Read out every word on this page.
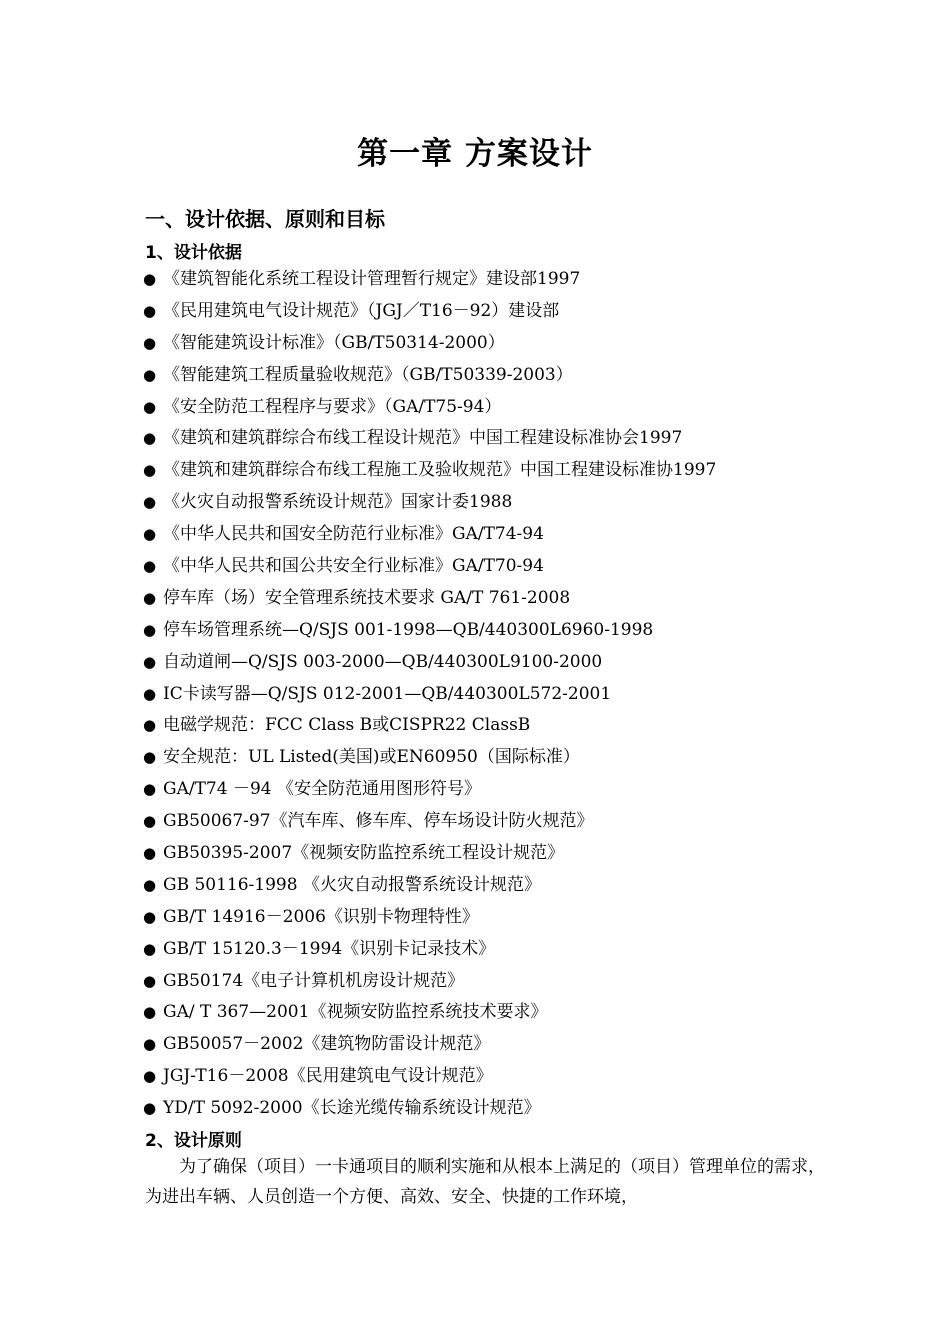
第一章 方案设计
一、设计依据、原则和目标
1、设计依据
● 《建筑智能化系统工程设计管理暂行规定》建设部1997
● 《民用建筑电气设计规范》（JGJ／T16－92）建设部
● 《智能建筑设计标准》（GB/T50314-2000）
● 《智能建筑工程质量验收规范》（GB/T50339-2003）
● 《安全防范工程程序与要求》（GA/T75-94）
● 《建筑和建筑群综合布线工程设计规范》中国工程建设标准协会1997
● 《建筑和建筑群综合布线工程施工及验收规范》中国工程建设标准协1997
● 《火灾自动报警系统设计规范》国家计委1988
● 《中华人民共和国安全防范行业标准》GA/T74-94
● 《中华人民共和国公共安全行业标准》GA/T70-94
● 停车库（场）安全管理系统技术要求 GA/T 761-2008
● 停车场管理系统—Q/SJS 001-1998—QB/440300L6960-1998
● 自动道闸—Q/SJS 003-2000—QB/440300L9100-2000
● IC卡读写器—Q/SJS 012-2001—QB/440300L572-2001
● 电磁学规范：FCC Class B或CISPR22 ClassB
● 安全规范：UL Listed(美国)或EN60950（国际标准）
● GA/T74 －94 《安全防范通用图形符号》
● GB50067-97《汽车库、修车库、停车场设计防火规范》
● GB50395-2007《视频安防监控系统工程设计规范》
● GB 50116-1998 《火灾自动报警系统设计规范》
● GB/T 14916－2006《识别卡物理特性》
● GB/T 15120.3－1994《识别卡记录技术》
● GB50174《电子计算机机房设计规范》
● GA/ T 367—2001《视频安防监控系统技术要求》
● GB50057－2002《建筑物防雷设计规范》
● JGJ-T16－2008《民用建筑电气设计规范》
● YD/T 5092-2000《长途光缆传输系统设计规范》
2、设计原则

为了确保（项目）一卡通项目的顺利实施和从根本上满足的（项目）管理单位的需求，为进出车辆、人员创造一个方便、高效、安全、快捷的工作环境，
